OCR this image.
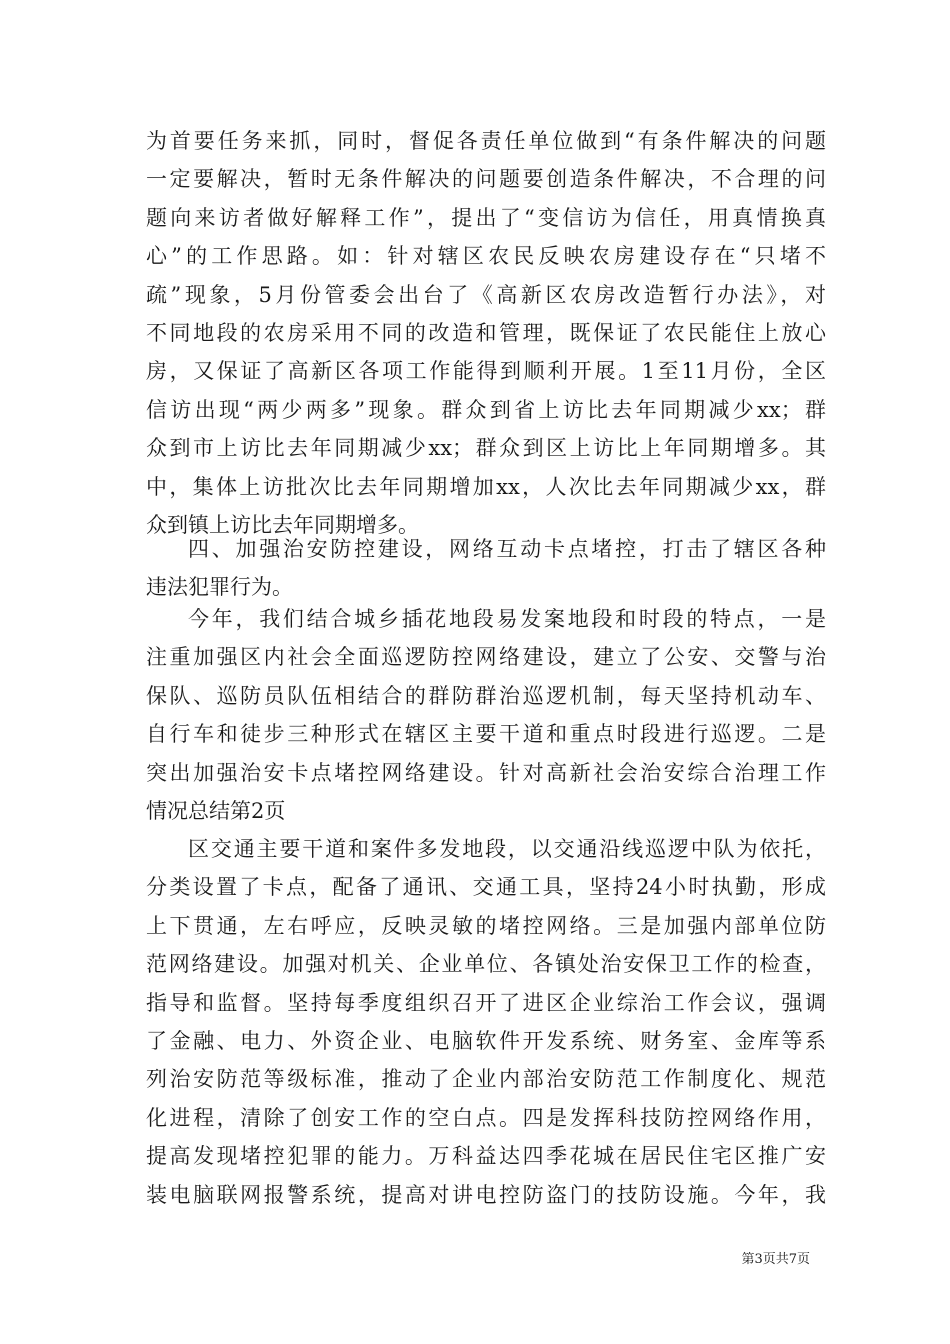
为首要任务来抓，同时，督促各责任单位做到“有条件解决的问题
一定要解决，暂时无条件解决的问题要创造条件解决，不合理的问
题向来访者做好解释工作”，提出了“变信访为信任，用真情换真
心”的工作思路。如：针对辖区农民反映农房建设存在“只堵不
疏”现象，5月份管委会出台了《高新区农房改造暂行办法》，对
不同地段的农房采用不同的改造和管理，既保证了农民能住上放心
房，又保证了高新区各项工作能得到顺利开展。1至11月份，全区
信访出现“两少两多”现象。群众到省上访比去年同期减少xx；群
众到市上访比去年同期减少xx；群众到区上访比上年同期增多。其
中，集体上访批次比去年同期增加xx，人次比去年同期减少xx，群
众到镇上访比去年同期增多。
四、加强治安防控建设，网络互动卡点堵控，打击了辖区各种
违法犯罪行为。
今年，我们结合城乡插花地段易发案地段和时段的特点，一是
注重加强区内社会全面巡逻防控网络建设，建立了公安、交警与治
保队、巡防员队伍相结合的群防群治巡逻机制，每天坚持机动车、
自行车和徒步三种形式在辖区主要干道和重点时段进行巡逻。二是
突出加强治安卡点堵控网络建设。针对高新社会治安综合治理工作
情况总结第2页
区交通主要干道和案件多发地段，以交通沿线巡逻中队为依托，
分类设置了卡点，配备了通讯、交通工具，坚持24小时执勤，形成
上下贯通，左右呼应，反映灵敏的堵控网络。三是加强内部单位防
范网络建设。加强对机关、企业单位、各镇处治安保卫工作的检查，
指导和监督。坚持每季度组织召开了进区企业综治工作会议，强调
了金融、电力、外资企业、电脑软件开发系统、财务室、金库等系
列治安防范等级标准，推动了企业内部治安防范工作制度化、规范
化进程，清除了创安工作的空白点。四是发挥科技防控网络作用，
提高发现堵控犯罪的能力。万科益达四季花城在居民住宅区推广安
装电脑联网报警系统，提高对讲电控防盗门的技防设施。今年，我
第3页共7页
